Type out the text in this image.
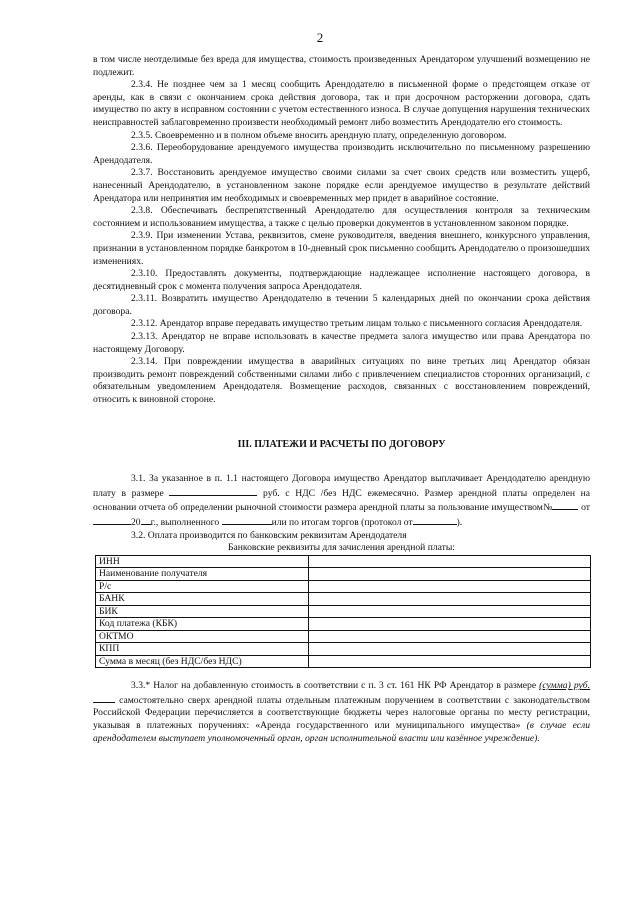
2

в том числе неотделимые без вреда для имущества, стоимость произведенных Арендатором улучшений возмещению не подлежит.

2.3.4. Не позднее чем за 1 месяц сообщить Арендодателю в письменной форме о предстоящем отказе от аренды, как в связи с окончанием срока действия договора, так и при досрочном расторжении договора, сдать имущество по акту в исправном состоянии с учетом естественного износа. В случае допущения нарушения технических неисправностей заблаговременно произвести необходимый ремонт либо возместить Арендодателю его стоимость.

2.3.5. Своевременно и в полном объеме вносить арендную плату, определенную договором.

2.3.6. Переоборудование арендуемого имущества производить исключительно по письменному разрешению Арендодателя.

2.3.7. Восстановить арендуемое имущество своими силами за счет своих средств или возместить ущерб, нанесенный Арендодателю, в установленном законе порядке если арендуемое имущество в результате действий Арендатора или непринятия им необходимых и своевременных мер придет в аварийное состояние.

2.3.8. Обеспечивать беспрепятственный Арендодателю для осуществления контроля за техническим состоянием и использованием имущества, а также с целью проверки документов в установленном законом порядке.

2.3.9. При изменении Устава, реквизитов, смене руководителя, введения внешнего, конкурсного управления, признании в установленном порядке банкротом в 10-дневный срок письменно сообщить Арендодателю о произошедших изменениях.

2.3.10. Предоставлять документы, подтверждающие надлежащее исполнение настоящего договора, в десятидневный срок с момента получения запроса Арендодателя.

2.3.11. Возвратить имущество Арендодателю в течении 5 календарных дней по окончании срока действия договора.

2.3.12. Арендатор вправе передавать имущество третьим лицам только с письменного согласия Арендодателя.

2.3.13. Арендатор не вправе использовать в качестве предмета залога имущество или права Арендатора по настоящему Договору.

2.3.14. При повреждении имущества в аварийных ситуациях по вине третьих лиц Арендатор обязан производить ремонт повреждений собственными силами либо с привлечением специалистов сторонних организаций, с обязательным уведомлением Арендодателя. Возмещение расходов, связанных с восстановлением повреждений, относить к виновной стороне.

III. ПЛАТЕЖИ И РАСЧЕТЫ ПО ДОГОВОРУ

3.1. За указанное в п. 1.1 настоящего Договора имущество Арендатор выплачивает Арендодателю арендную плату в размере	руб. с НДС /без НДС ежемесячно. Размер арендной платы определен на основании отчета об определении рыночной стоимости размера арендной платы за пользование имуществом№	от20 г., выполненного	или по итогам торгов (протокол от	).

3.2. Оплата производится по банковским реквизитам Арендодателя

Банковские реквизиты для зачисления арендной платы:

ИНН	
Наименование получателя	
Р/с	
БАНК	
БИК	
Код платежа (КБК)	
ОКТМО	
КПП	
Сумма в месяц (без НДС/без НДС)	

3.3.* Налог на добавленную стоимость в соответствии с п. 3 ст. 161 НК РФ Арендатор в размере (сумма) руб. самостоятельно сверх арендной платы отдельным платежным поручением в соответствии с законодательством Российской Федерации перечисляется в соответствующие бюджеты через налоговые органы по месту регистрации, указывая в платежных поручениях: «Аренда государственного или муниципального имущества» (в случае если арендодателем выступает уполномоченный орган, орган исполнительной власти или казённое учреждение).
